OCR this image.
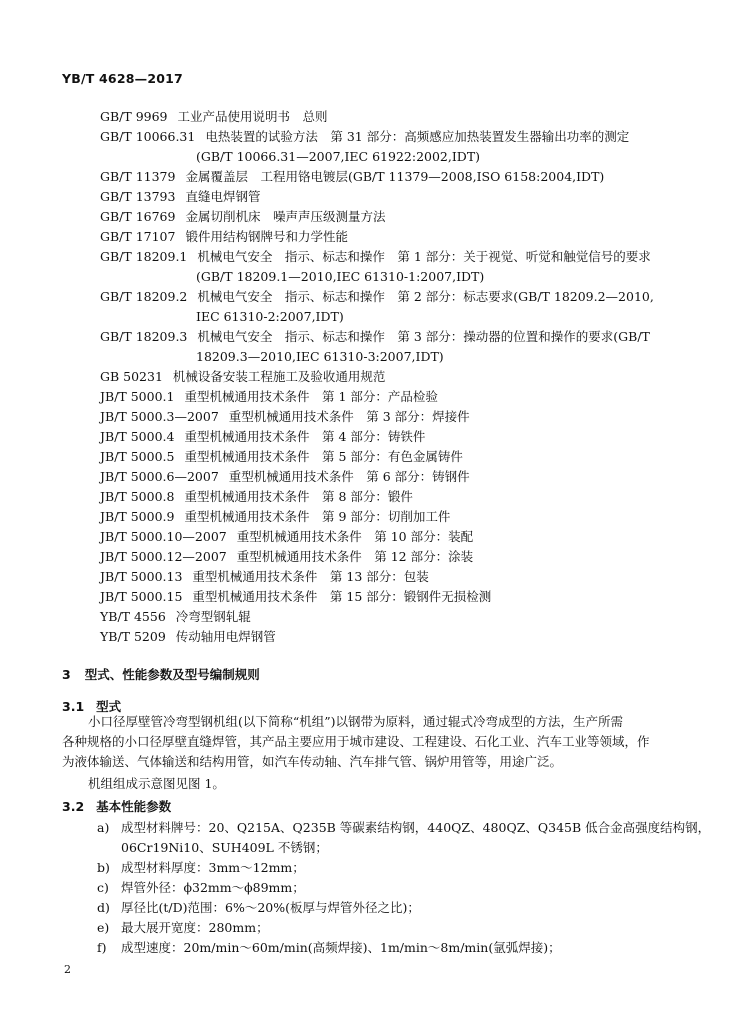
YB/T 4628—2017
GB/T 9969 工业产品使用说明书　总则
GB/T 10066.31 电热装置的试验方法　第 31 部分：高频感应加热装置发生器输出功率的测定
(GB/T 10066.31—2007,IEC 61922:2002,IDT)
GB/T 11379 金属覆盖层　工程用铬电镀层(GB/T 11379—2008,ISO 6158:2004,IDT)
GB/T 13793 直缝电焊钢管
GB/T 16769 金属切削机床　噪声声压级测量方法
GB/T 17107 锻件用结构钢牌号和力学性能
GB/T 18209.1 机械电气安全　指示、标志和操作　第 1 部分：关于视觉、听觉和触觉信号的要求
(GB/T 18209.1—2010,IEC 61310-1:2007,IDT)
GB/T 18209.2 机械电气安全　指示、标志和操作　第 2 部分：标志要求(GB/T 18209.2—2010,
IEC 61310-2:2007,IDT)
GB/T 18209.3 机械电气安全　指示、标志和操作　第 3 部分：操动器的位置和操作的要求(GB/T
18209.3—2010,IEC 61310-3:2007,IDT)
GB 50231 机械设备安装工程施工及验收通用规范
JB/T 5000.1 重型机械通用技术条件　第 1 部分：产品检验
JB/T 5000.3—2007 重型机械通用技术条件　第 3 部分：焊接件
JB/T 5000.4 重型机械通用技术条件　第 4 部分：铸铁件
JB/T 5000.5 重型机械通用技术条件　第 5 部分：有色金属铸件
JB/T 5000.6—2007 重型机械通用技术条件　第 6 部分：铸钢件
JB/T 5000.8 重型机械通用技术条件　第 8 部分：锻件
JB/T 5000.9 重型机械通用技术条件　第 9 部分：切削加工件
JB/T 5000.10—2007 重型机械通用技术条件　第 10 部分：装配
JB/T 5000.12—2007 重型机械通用技术条件　第 12 部分：涂装
JB/T 5000.13 重型机械通用技术条件　第 13 部分：包装
JB/T 5000.15 重型机械通用技术条件　第 15 部分：锻钢件无损检测
YB/T 4556 冷弯型钢轧辊
YB/T 5209 传动轴用电焊钢管
3 型式、性能参数及型号编制规则
3.1 型式
小口径厚壁管冷弯型钢机组(以下简称“机组”)以钢带为原料，通过辊式冷弯成型的方法，生产所需
各种规格的小口径厚壁直缝焊管，其产品主要应用于城市建设、工程建设、石化工业、汽车工业等领域，作
为液体输送、气体输送和结构用管，如汽车传动轴、汽车排气管、锅炉用管等，用途广泛。
机组组成示意图见图 1。
3.2 基本性能参数
a) 成型材料牌号：20、Q215A、Q235B 等碳素结构钢，440QZ、480QZ、Q345B 低合金高强度结构钢，
06Cr19Ni10、SUH409L 不锈钢；
b) 成型材料厚度：3mm～12mm；
c) 焊管外径：ϕ32mm～ϕ89mm；
d) 厚径比(t/D)范围：6%～20%(板厚与焊管外径之比)；
e) 最大展开宽度：280mm；
f) 成型速度：20m/min～60m/min(高频焊接)、1m/min～8m/min(氩弧焊接)；
2
